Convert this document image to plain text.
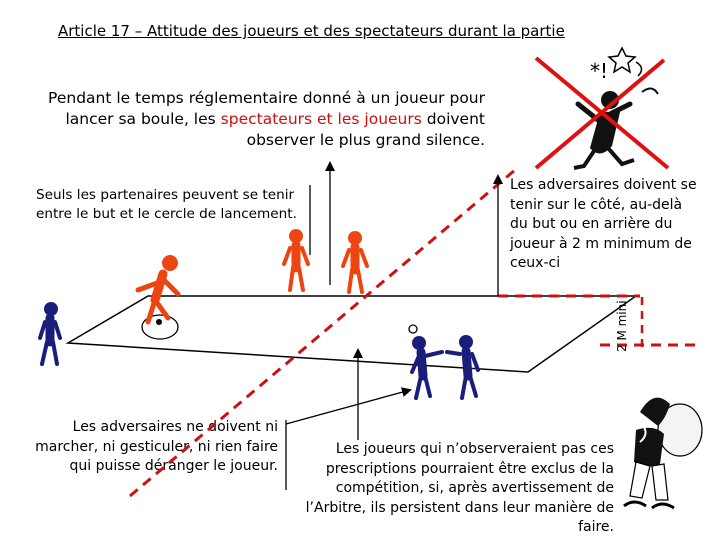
Article 17 – Attitude des joueurs et des spectateurs durant la partie
Pendant le temps réglementaire donné à un joueur pour lancer sa boule, les spectateurs et les joueurs doivent observer le plus grand silence.
Seuls les partenaires peuvent se tenir entre le but et le cercle de lancement.
Les adversaires doivent se tenir sur le côté, au-delà du but ou en arrière du joueur à 2 m minimum de ceux-ci
Les adversaires ne doivent ni marcher, ni gesticuler, ni rien faire qui puisse déranger le joueur.
Les joueurs qui n’observeraient pas ces prescriptions pourraient être exclus de la compétition, si, après avertissement de l’Arbitre, ils persistent dans leur manière de faire.
2 M mini
*!
